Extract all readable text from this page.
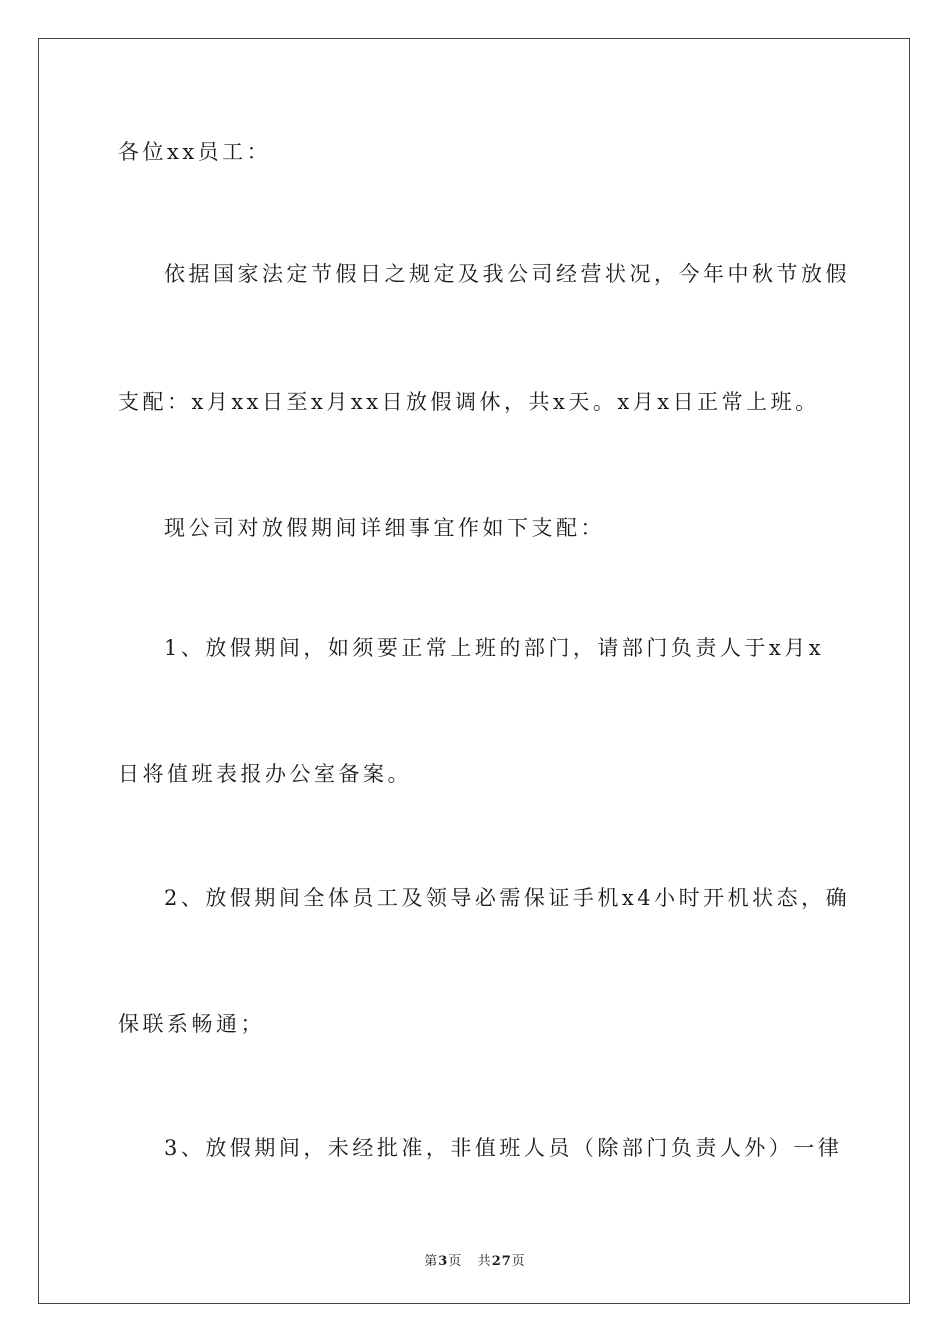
各位xx员工：
依据国家法定节假日之规定及我公司经营状况，今年中秋节放假
支配：x月xx日至x月xx日放假调休，共x天。x月x日正常上班。
现公司对放假期间详细事宜作如下支配：
1、放假期间，如须要正常上班的部门，请部门负责人于x月x
日将值班表报办公室备案。
2、放假期间全体员工及领导必需保证手机x4小时开机状态，确
保联系畅通；
3、放假期间，未经批准，非值班人员（除部门负责人外）一律
第3页 共27页
